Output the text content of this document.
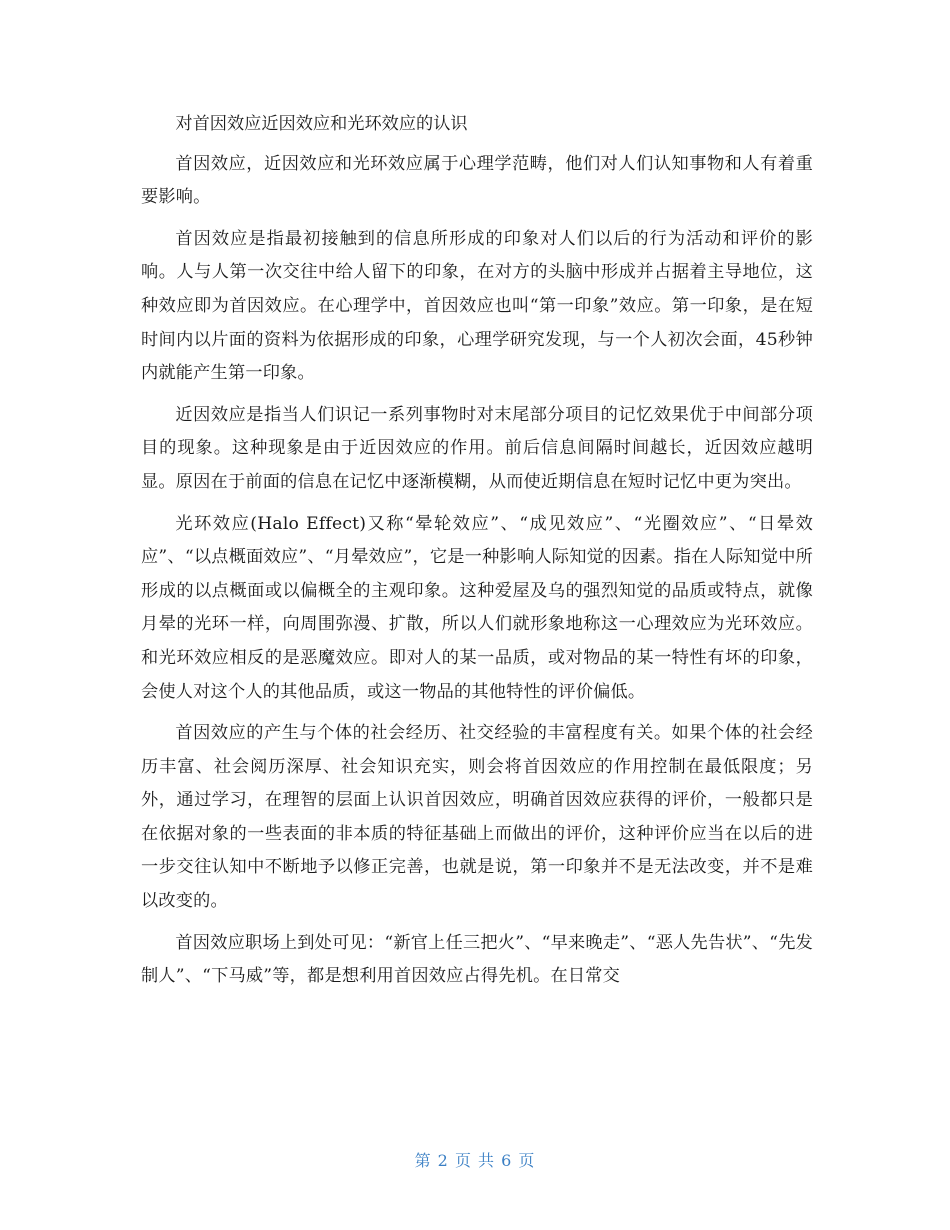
对首因效应近因效应和光环效应的认识

首因效应，近因效应和光环效应属于心理学范畴，他们对人们认知事物和人有着重要影响。

首因效应是指最初接触到的信息所形成的印象对人们以后的行为活动和评价的影响。人与人第一次交往中给人留下的印象，在对方的头脑中形成并占据着主导地位，这种效应即为首因效应。在心理学中，首因效应也叫“第一印象”效应。第一印象，是在短时间内以片面的资料为依据形成的印象，心理学研究发现，与一个人初次会面，45秒钟内就能产生第一印象。

近因效应是指当人们识记一系列事物时对末尾部分项目的记忆效果优于中间部分项目的现象。这种现象是由于近因效应的作用。前后信息间隔时间越长，近因效应越明显。原因在于前面的信息在记忆中逐渐模糊，从而使近期信息在短时记忆中更为突出。

光环效应(Halo Effect)又称“晕轮效应”、“成见效应”、“光圈效应”、“日晕效应”、“以点概面效应”、“月晕效应”，它是一种影响人际知觉的因素。指在人际知觉中所形成的以点概面或以偏概全的主观印象。这种爱屋及乌的强烈知觉的品质或特点，就像月晕的光环一样，向周围弥漫、扩散，所以人们就形象地称这一心理效应为光环效应。和光环效应相反的是恶魔效应。即对人的某一品质，或对物品的某一特性有坏的印象，会使人对这个人的其他品质，或这一物品的其他特性的评价偏低。

首因效应的产生与个体的社会经历、社交经验的丰富程度有关。如果个体的社会经历丰富、社会阅历深厚、社会知识充实，则会将首因效应的作用控制在最低限度；另外，通过学习，在理智的层面上认识首因效应，明确首因效应获得的评价，一般都只是在依据对象的一些表面的非本质的特征基础上而做出的评价，这种评价应当在以后的进一步交往认知中不断地予以修正完善，也就是说，第一印象并不是无法改变，并不是难以改变的。

首因效应职场上到处可见：“新官上任三把火”、“早来晚走”、“恶人先告状”、“先发制人”、“下马威”等，都是想利用首因效应占得先机。在日常交

第 2 页 共 6 页
